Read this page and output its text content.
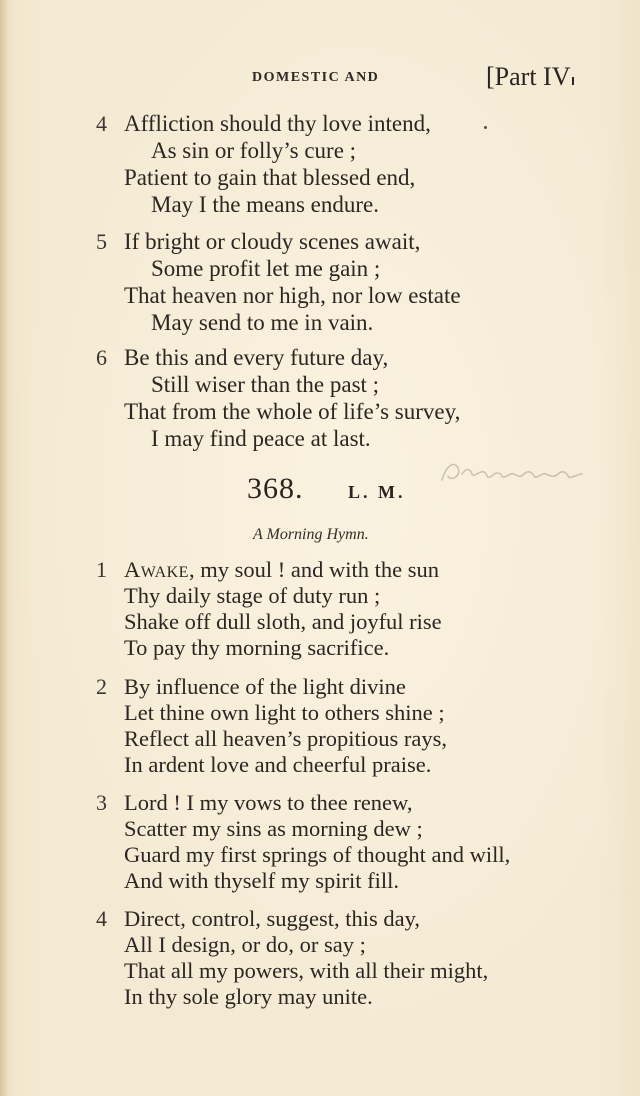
DOMESTIC AND	[Part IV
4 Affliction should thy love intend,
As sin or folly’s cure ;
Patient to gain that blessed end,
May I the means endure.
5 If bright or cloudy scenes await,
Some profit let me gain ;
That heaven nor high, nor low estate
May send to me in vain.
6 Be this and every future day,
Still wiser than the past ;
That from the whole of life’s survey,
I may find peace at last.
368. L. M.
A Morning Hymn.
1 Awake, my soul ! and with the sun
Thy daily stage of duty run ;
Shake off dull sloth, and joyful rise
To pay thy morning sacrifice.
2 By influence of the light divine
Let thine own light to others shine ;
Reflect all heaven’s propitious rays,
In ardent love and cheerful praise.
3 Lord ! I my vows to thee renew,
Scatter my sins as morning dew ;
Guard my first springs of thought and will,
And with thyself my spirit fill.
4 Direct, control, suggest, this day,
All I design, or do, or say ;
That all my powers, with all their might,
In thy sole glory may unite.
